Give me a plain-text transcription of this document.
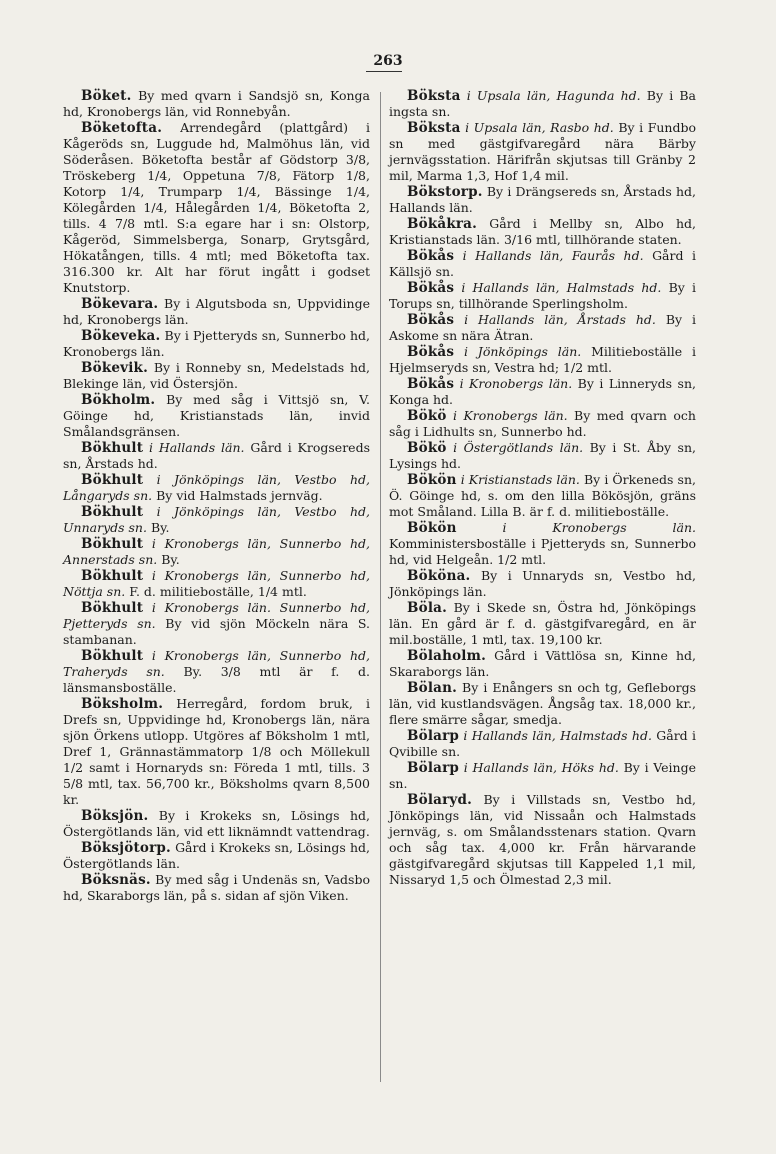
263

Böket. By med qvarn i Sandsjö sn, Konga hd, Kronobergs län, vid Ronnebyån.

Böketofta. Arrendegård (plattgård) i Kågeröds sn, Luggude hd, Malmöhus län, vid Söderåsen. Böketofta består af Gödstorp 3/8, Tröskeberg 1/4, Oppetuna 7/8, Fätorp 1/8, Kotorp 1/4, Trumparp 1/4, Bässinge 1/4, Kölegården 1/4, Hålegården 1/4, Böketofta 2, tills. 4 7/8 mtl. S:a egare har i sn: Olstorp, Kågeröd, Simmelsberga, Sonarp, Grytsgård, Hökatången, tills. 4 mtl; med Böketofta tax. 316.300 kr. Alt har förut ingått i godset Knutstorp.

Bökevara. By i Algutsboda sn, Uppvidinge hd, Kronobergs län.

Bökeveka. By i Pjetteryds sn, Sunnerbo hd, Kronobergs län.

Bökevik. By i Ronneby sn, Medelstads hd, Blekinge län, vid Östersjön.

Bökholm. By med såg i Vittsjö sn, V. Göinge hd, Kristianstads län, invid Smålandsgränsen.

Bökhult i Hallands län. Gård i Krogsereds sn, Årstads hd.

Bökhult i Jönköpings län, Vestbo hd, Långaryds sn. By vid Halmstads jernväg.

Bökhult i Jönköpings län, Vestbo hd, Unnaryds sn. By.

Bökhult i Kronobergs län, Sunnerbo hd, Annerstads sn. By.

Bökhult i Kronobergs län, Sunnerbo hd, Nöttja sn. F. d. militieboställe, 1/4 mtl.

Bökhult i Kronobergs län. Sunnerbo hd, Pjetteryds sn. By vid sjön Möckeln nära S. stambanan.

Bökhult i Kronobergs län, Sunnerbo hd, Traheryds sn. By. 3/8 mtl är f. d. länsmansboställe.

Böksholm. Herregård, fordom bruk, i Drefs sn, Uppvidinge hd, Kronobergs län, nära sjön Örkens utlopp. Utgöres af Böksholm 1 mtl, Dref 1, Grännastämmatorp 1/8 och Möllekull 1/2 samt i Hornaryds sn: Föreda 1 mtl, tills. 3 5/8 mtl, tax. 56,700 kr., Böksholms qvarn 8,500 kr.

Böksjön. By i Krokeks sn, Lösings hd, Östergötlands län, vid ett liknämndt vattendrag.

Böksjötorp. Gård i Krokeks sn, Lösings hd, Östergötlands län.

Böksnäs. By med såg i Undenäs sn, Vadsbo hd, Skaraborgs län, på s. sidan af sjön Viken.

Böksta i Upsala län, Hagunda hd. By i Ba ingsta sn.

Böksta i Upsala län, Rasbo hd. By i Fundbo sn med gästgifvaregård nära Bärby jernvägsstation. Härifrån skjutsas till Gränby 2 mil, Marma 1,3, Hof 1,4 mil.

Bökstorp. By i Drängsereds sn, Årstads hd, Hallands län.

Bökåkra. Gård i Mellby sn, Albo hd, Kristianstads län. 3/16 mtl, tillhörande staten.

Bökås i Hallands län, Faurås hd. Gård i Källsjö sn.

Bökås i Hallands län, Halmstads hd. By i Torups sn, tillhörande Sperlingsholm.

Bökås i Hallands län, Årstads hd. By i Askome sn nära Ätran.

Bökås i Jönköpings län. Militieboställe i Hjelmseryds sn, Vestra hd; 1/2 mtl.

Bökås i Kronobergs län. By i Linneryds sn, Konga hd.

Bökö i Kronobergs län. By med qvarn och såg i Lidhults sn, Sunnerbo hd.

Bökö i Östergötlands län. By i St. Åby sn, Lysings hd.

Bökön i Kristianstads län. By i Örkeneds sn, Ö. Göinge hd, s. om den lilla Bökösjön, gräns mot Småland. Lilla B. är f. d. militieboställe.

Bökön	i Kronobergs län. Komministersboställe i Pjetteryds sn, Sunnerbo hd, vid Helgeån. 1/2 mtl.

Bököna. By i Unnaryds sn, Vestbo hd, Jönköpings län.

Böla. By i Skede sn, Östra hd, Jönköpings län. En gård är f. d. gästgifvaregård, en är mil.boställe, 1 mtl, tax. 19,100 kr.

Bölaholm. Gård i Vättlösa sn, Kinne hd, Skaraborgs län.

Bölan. By i Enångers sn och tg, Gefleborgs län, vid kustlandsvägen. Ångsåg tax. 18,000 kr., flere smärre sågar, smedja.

Bölarp i Hallands län, Halmstads hd. Gård i Qvibille sn.

Bölarp i Hallands län, Höks hd. By i Veinge sn.

Bölaryd. By i Villstads sn, Vestbo hd, Jönköpings län, vid Nissaån och Halmstads jernväg, s. om Smålandsstenars station. Qvarn och såg tax. 4,000 kr. Från härvarande gästgifvaregård skjutsas till Kappeled 1,1 mil, Nissaryd 1,5 och Ölmestad 2,3 mil.
